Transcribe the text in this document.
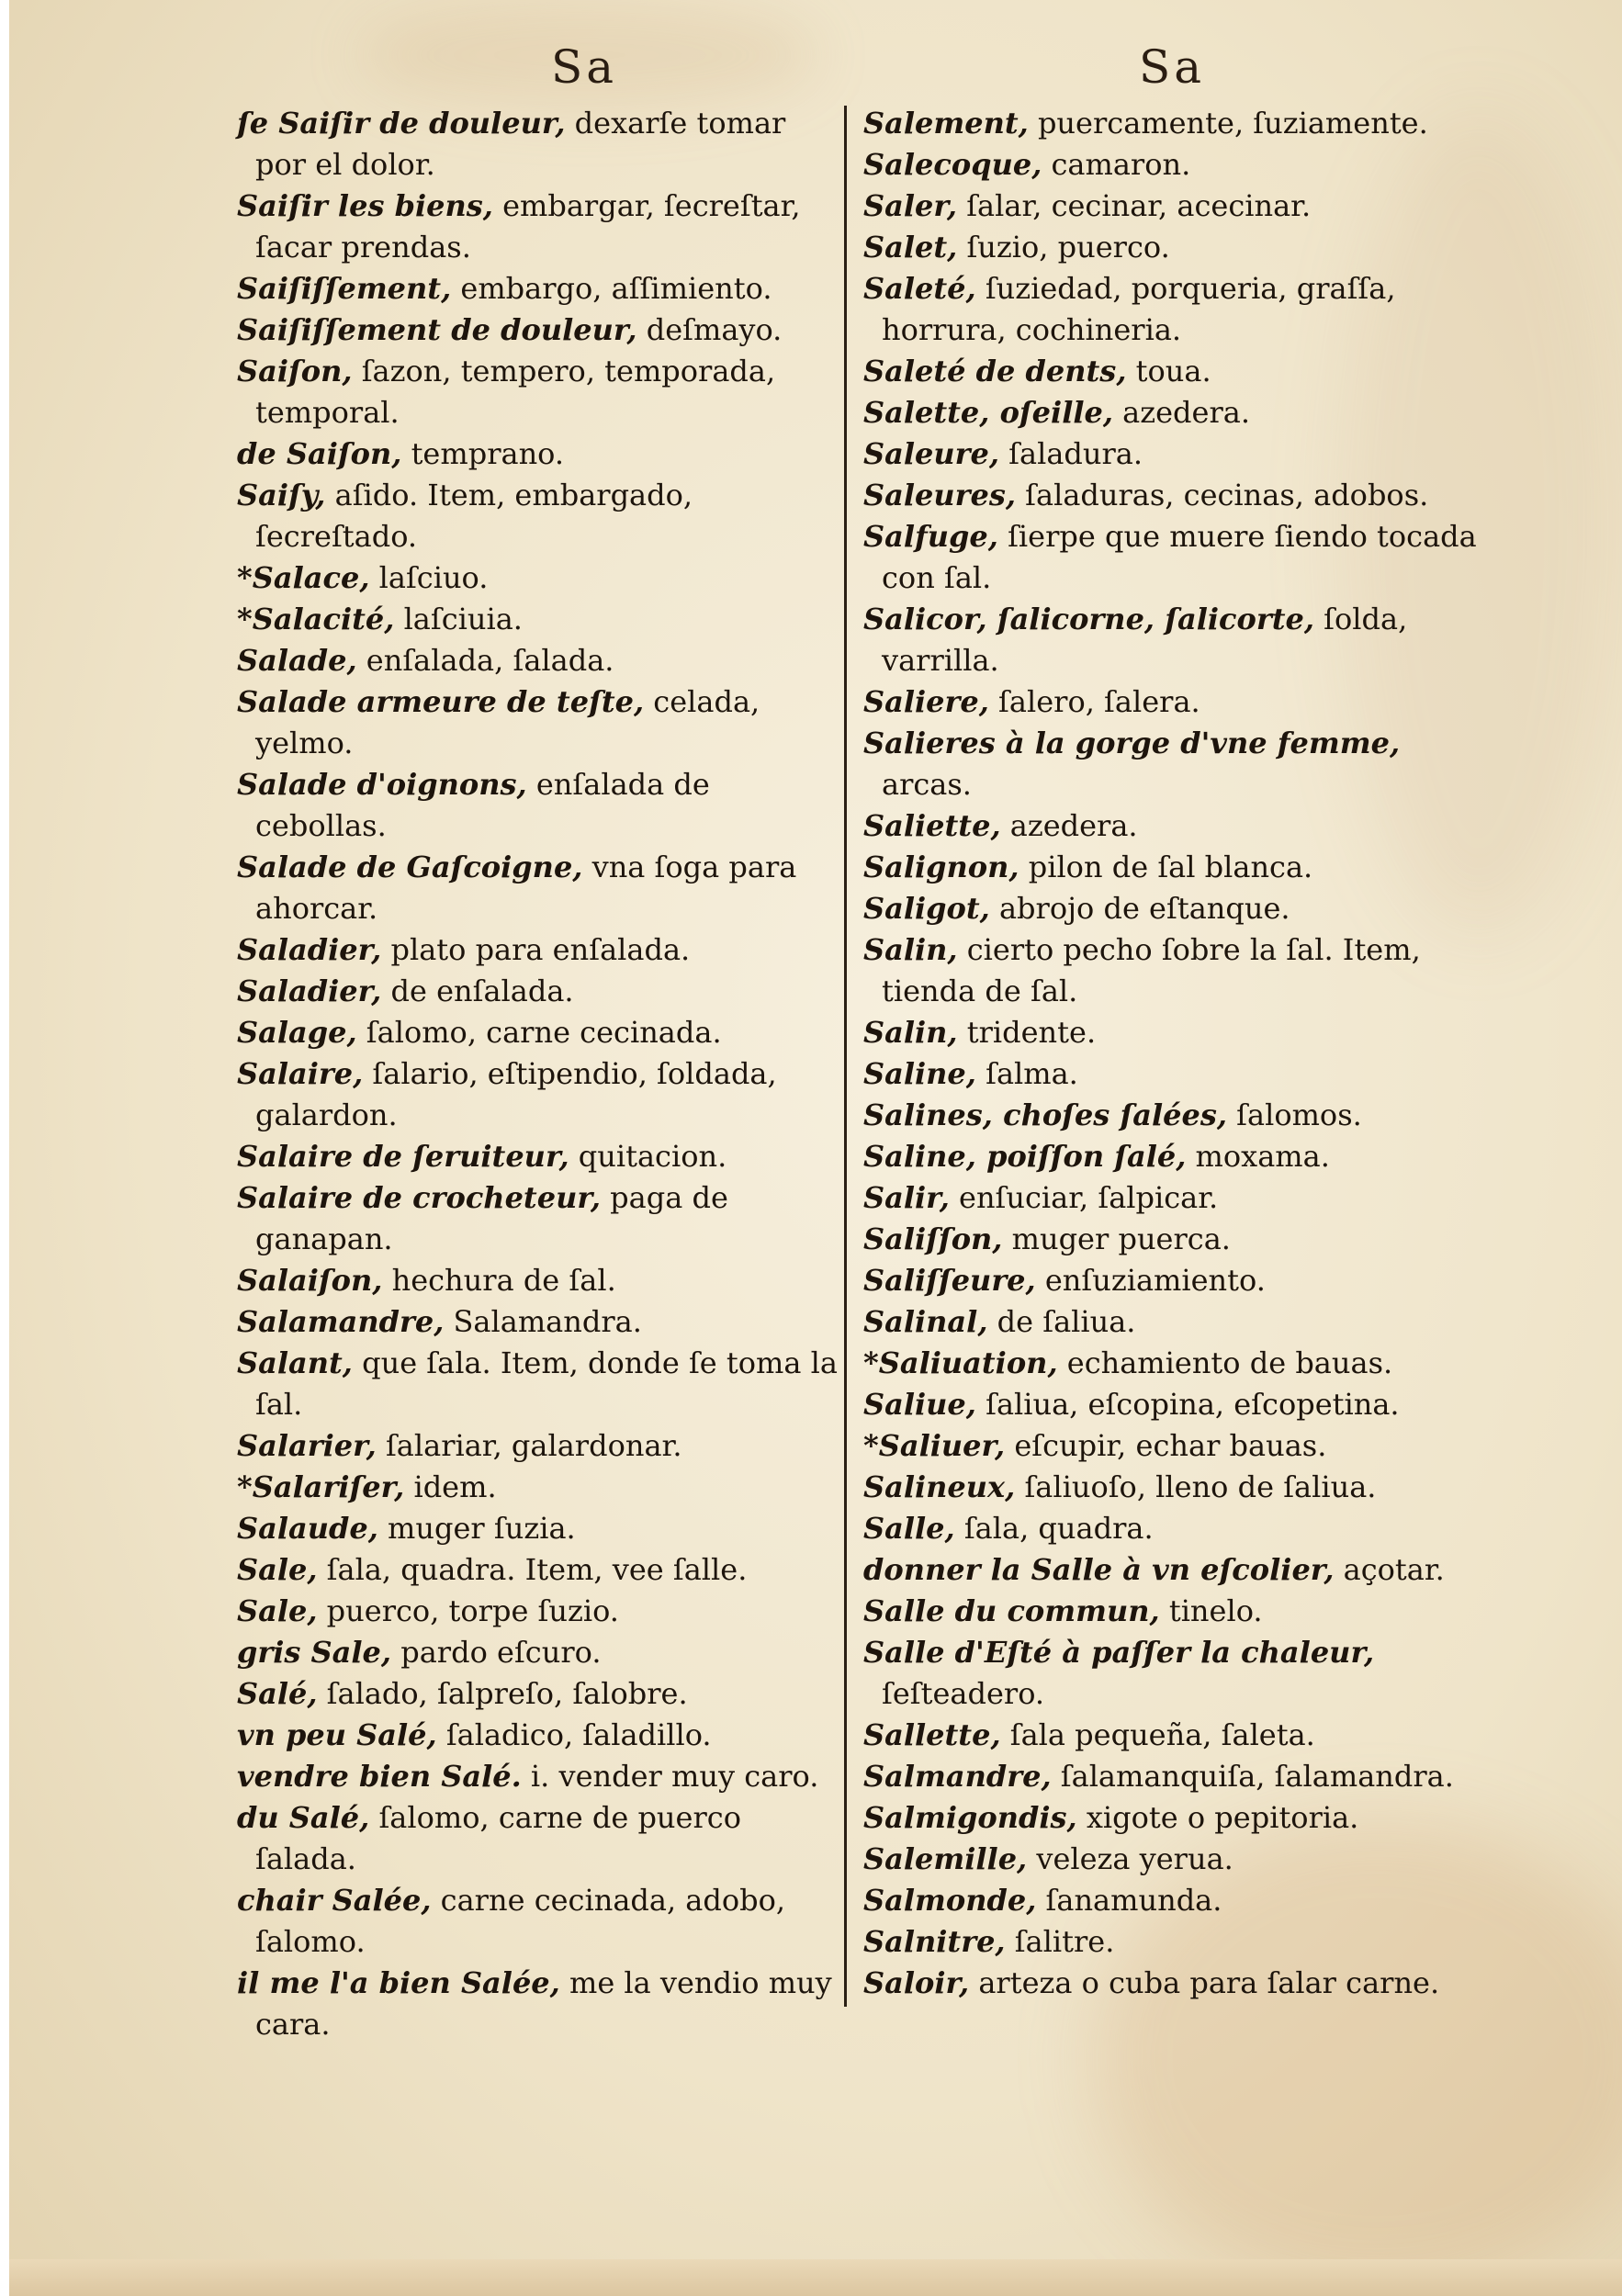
Sa	Sa
ſe Saiſir de douleur, dexarſe tomar por el dolor.
Saiſir les biens, embargar, ſecreſtar, ſacar prendas.
Saiſiſſement, embargo, aſſimiento.
Saiſiſſement de douleur, deſmayo.
Saiſon, ſazon, tempero, temporada, temporal.
de Saiſon, temprano.
Saiſy, aſido. Item, embargado, ſecreſtado.
*Salace, laſciuo.
*Salacité, laſciuia.
Salade, enſalada, ſalada.
Salade armeure de teſte, celada, yelmo.
Salade d'oignons, enſalada de cebollas.
Salade de Gaſcoigne, vna ſoga para ahorcar.
Saladier, plato para enſalada.
Saladier, de enſalada.
Salage, ſalomo, carne cecinada.
Salaire, ſalario, eſtipendio, ſoldada, galardon.
Salaire de ſeruiteur, quitacion.
Salaire de crocheteur, paga de ganapan.
Salaiſon, hechura de ſal.
Salamandre, Salamandra.
Salant, que ſala. Item, donde ſe toma la ſal.
Salarier, ſalariar, galardonar.
*Salariſer, idem.
Salaude, muger ſuzia.
Sale, ſala, quadra. Item, vee ſalle.
Sale, puerco, torpe ſuzio.
gris Sale, pardo eſcuro.
Salé, ſalado, ſalpreſo, ſalobre.
vn peu Salé, ſaladico, ſaladillo.
vendre bien Salé. i. vender muy caro.
du Salé, ſalomo, carne de puerco ſalada.
chair Salée, carne cecinada, adobo, ſalomo.
il me l'a bien Salée, me la vendio muy cara.
Salement, puercamente, ſuziamente.
Salecoque, camaron.
Saler, ſalar, cecinar, acecinar.
Salet, ſuzio, puerco.
Saleté, ſuziedad, porqueria, graſſa, horrura, cochineria.
Saleté de dents, toua.
Salette, oſeille, azedera.
Saleure, ſaladura.
Saleures, ſaladuras, cecinas, adobos.
Salfuge, ſierpe que muere ſiendo tocada con ſal.
Salicor, ſalicorne, ſalicorte, ſolda, varrilla.
Saliere, ſalero, ſalera.
Salieres à la gorge d'vne femme, arcas.
Saliette, azedera.
Salignon, pilon de ſal blanca.
Saligot, abrojo de eſtanque.
Salin, cierto pecho ſobre la ſal. Item, tienda de ſal.
Salin, tridente.
Saline, ſalma.
Salines, choſes ſalées, ſalomos.
Saline, poiſſon ſalé, moxama.
Salir, enſuciar, ſalpicar.
Saliſſon, muger puerca.
Saliſſeure, enſuziamiento.
Salinal, de ſaliua.
*Saliuation, echamiento de bauas.
Saliue, ſaliua, eſcopina, eſcopetina.
*Saliuer, eſcupir, echar bauas.
Salineux, ſaliuoſo, lleno de ſaliua.
Salle, ſala, quadra.
donner la Salle à vn eſcolier, açotar.
Salle du commun, tinelo.
Salle d'Eſté à paſſer la chaleur, ſeſteadero.
Sallette, ſala pequeña, ſaleta.
Salmandre, ſalamanquiſa, ſalamandra.
Salmigondis, xigote o pepitoria.
Salemille, veleza yerua.
Salmonde, ſanamunda.
Salnitre, ſalitre.
Saloir, arteza o cuba para ſalar carne.
